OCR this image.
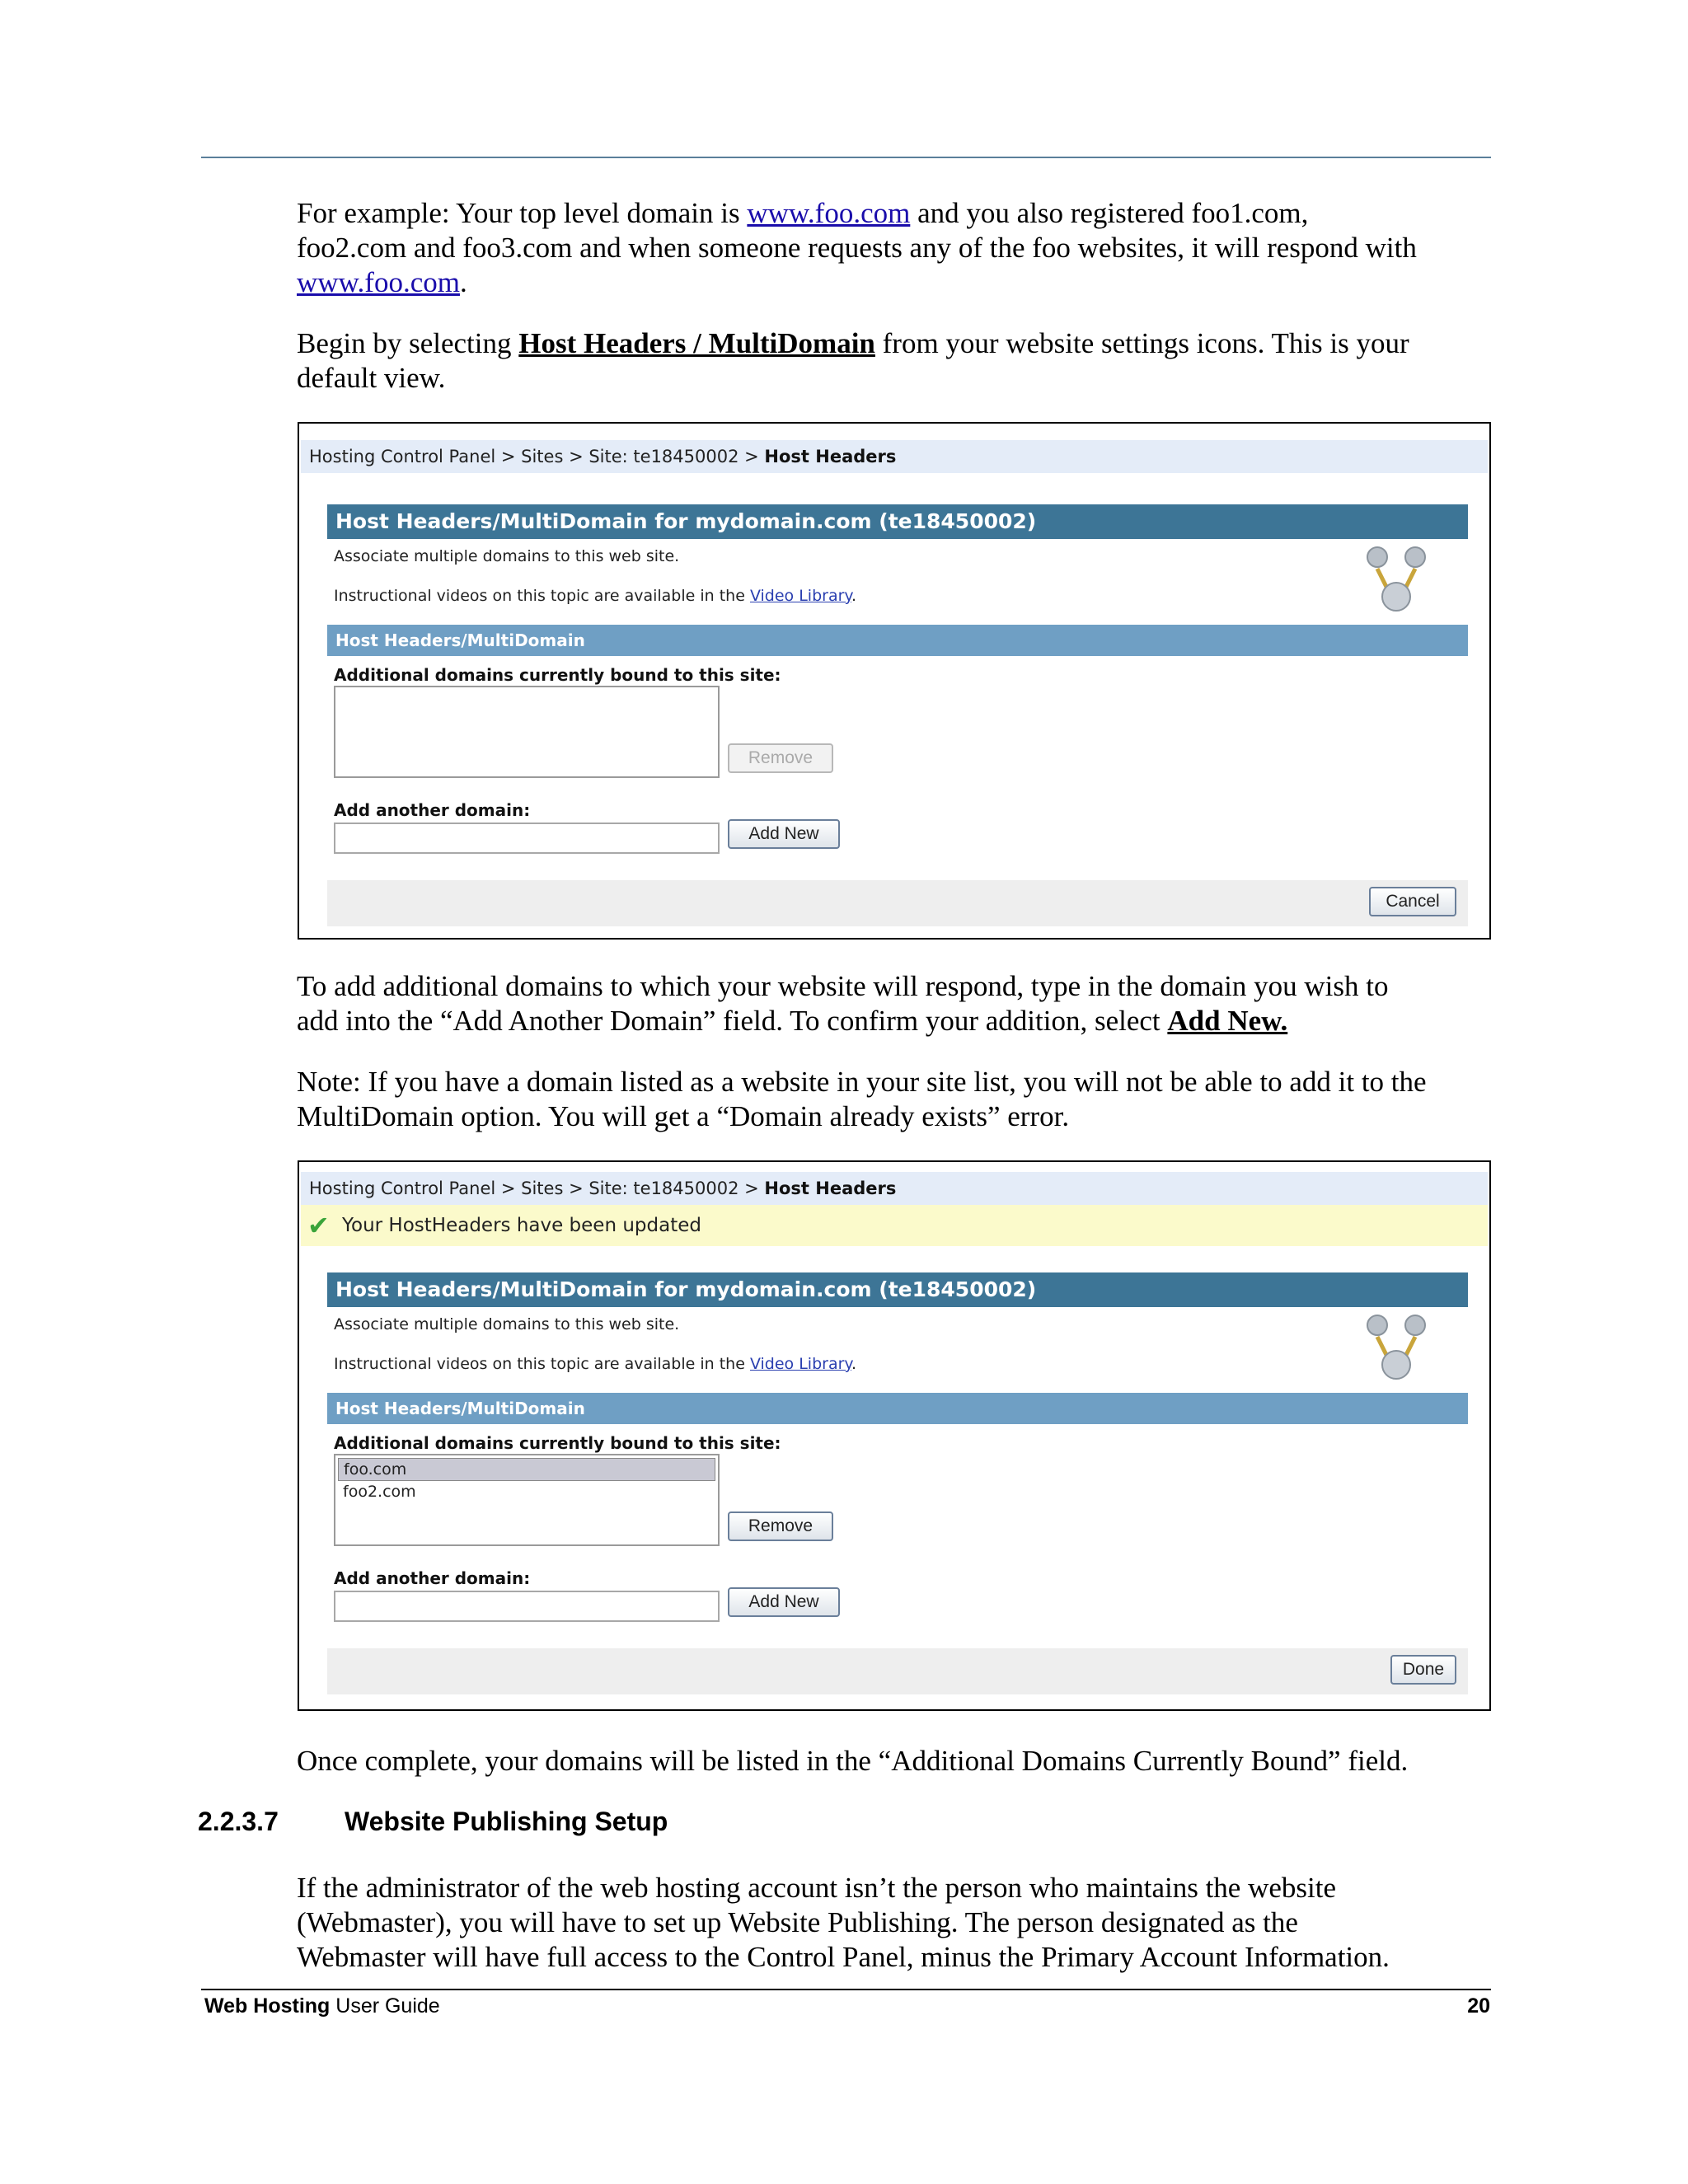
For example: Your top level domain is www.foo.com and you also registered foo1.com,
foo2.com and foo3.com and when someone requests any of the foo websites, it will respond with
www.foo.com.

Begin by selecting Host Headers / MultiDomain from your website settings icons. This is your
default view.

Hosting Control Panel > Sites > Site: te18450002 > Host Headers
Host Headers/MultiDomain for mydomain.com (te18450002)
Associate multiple domains to this web site.
Instructional videos on this topic are available in the Video Library.
Host Headers/MultiDomain
Additional domains currently bound to this site:
Remove
Add another domain:
Add New
Cancel

To add additional domains to which your website will respond, type in the domain you wish to
add into the “Add Another Domain” field. To confirm your addition, select Add New.

Note: If you have a domain listed as a website in your site list, you will not be able to add it to the
MultiDomain option. You will get a “Domain already exists” error.

Hosting Control Panel > Sites > Site: te18450002 > Host Headers
✔ Your HostHeaders have been updated
Host Headers/MultiDomain for mydomain.com (te18450002)
Associate multiple domains to this web site.
Instructional videos on this topic are available in the Video Library.
Host Headers/MultiDomain
Additional domains currently bound to this site:
foo.com
foo2.com
Remove
Add another domain:
Add New
Done

Once complete, your domains will be listed in the “Additional Domains Currently Bound” field.

2.2.3.7	Website Publishing Setup

If the administrator of the web hosting account isn’t the person who maintains the website
(Webmaster), you will have to set up Website Publishing. The person designated as the
Webmaster will have full access to the Control Panel, minus the Primary Account Information.

Web Hosting User Guide	20
